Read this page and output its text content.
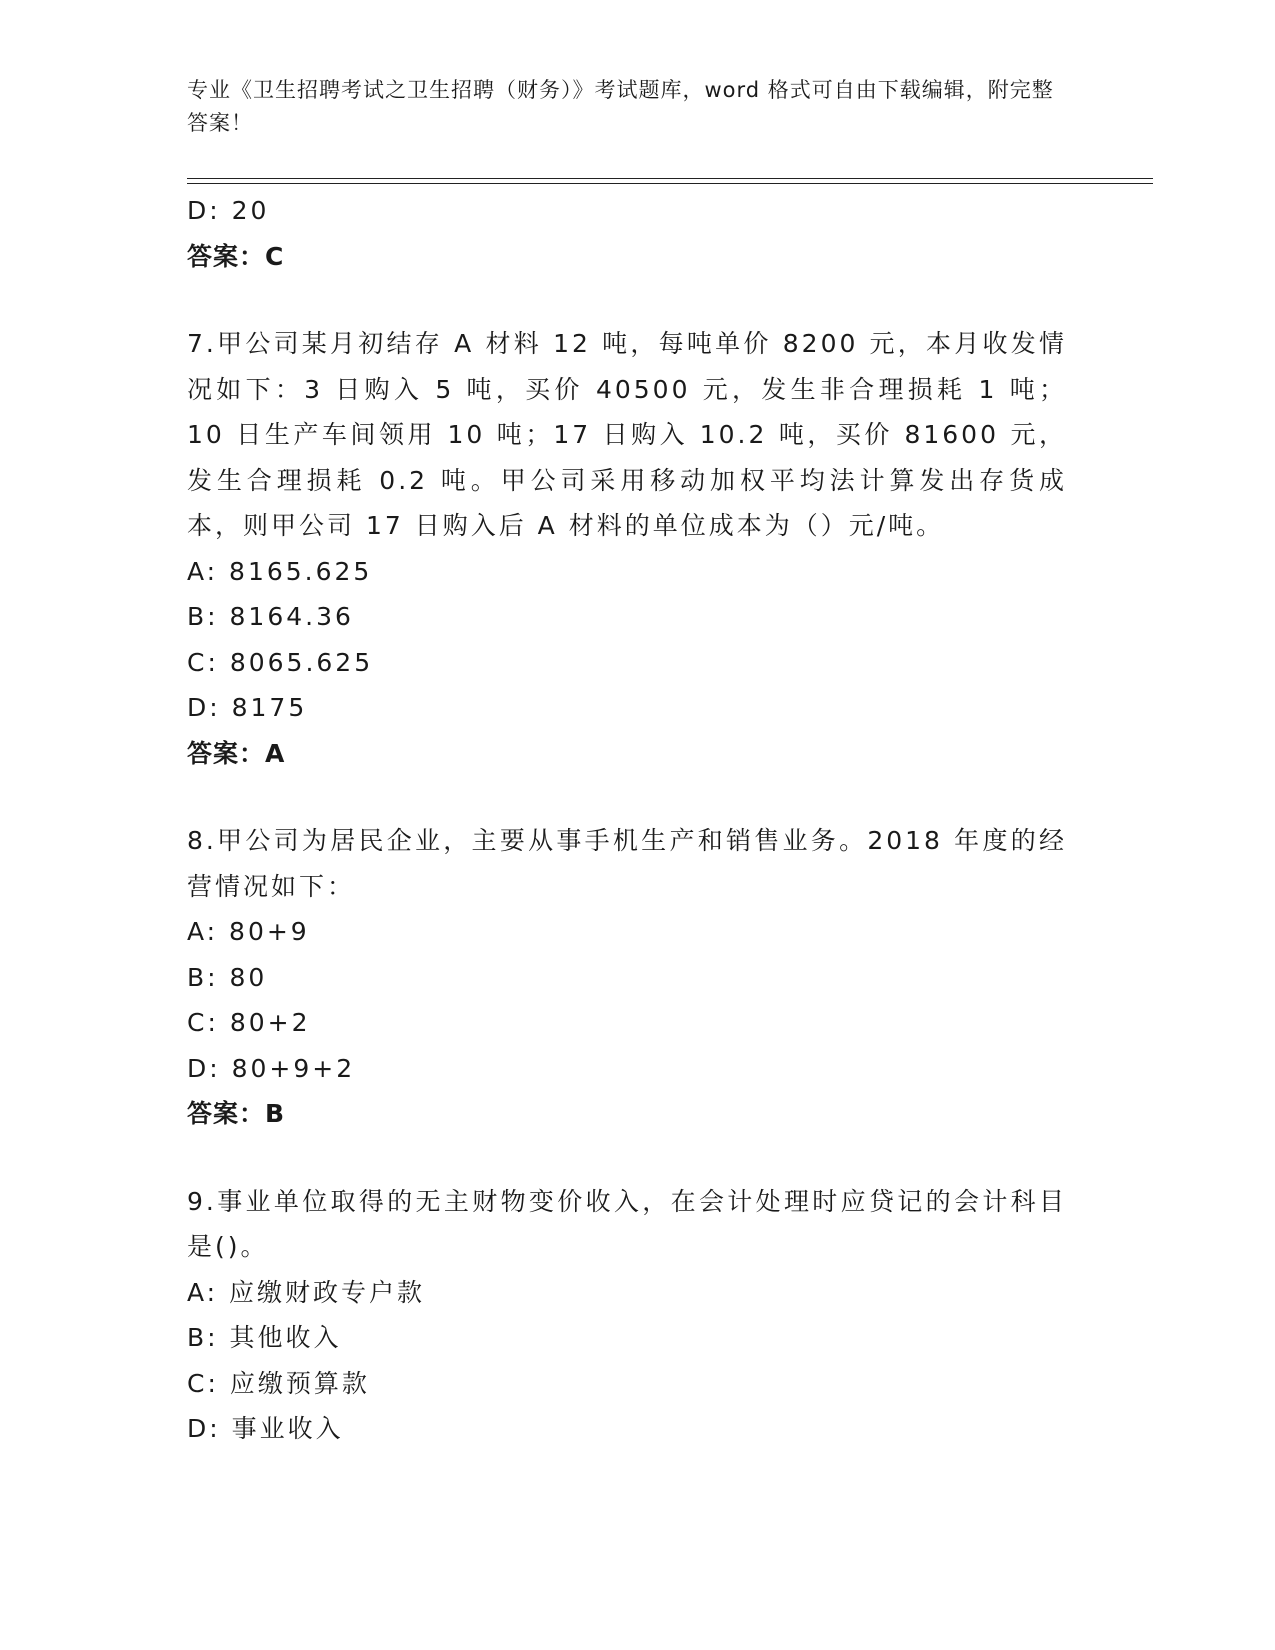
专业《卫生招聘考试之卫生招聘（财务）》考试题库，word 格式可自由下载编辑，附完整答案！
D: 20
答案：C
7.甲公司某月初结存 A 材料 12 吨，每吨单价 8200 元，本月收发情况如下：3 日购入 5 吨，买价 40500 元，发生非合理损耗 1 吨；10 日生产车间领用 10 吨；17 日购入 10.2 吨，买价 81600 元，发生合理损耗 0.2 吨。甲公司采用移动加权平均法计算发出存货成本，则甲公司 17 日购入后 A 材料的单位成本为（）元/吨。
A: 8165.625
B: 8164.36
C: 8065.625
D: 8175
答案：A
8.甲公司为居民企业，主要从事手机生产和销售业务。2018 年度的经营情况如下：
A: 80+9
B: 80
C: 80+2
D: 80+9+2
答案：B
9.事业单位取得的无主财物变价收入，在会计处理时应贷记的会计科目是()。
A: 应缴财政专户款
B: 其他收入
C: 应缴预算款
D: 事业收入
